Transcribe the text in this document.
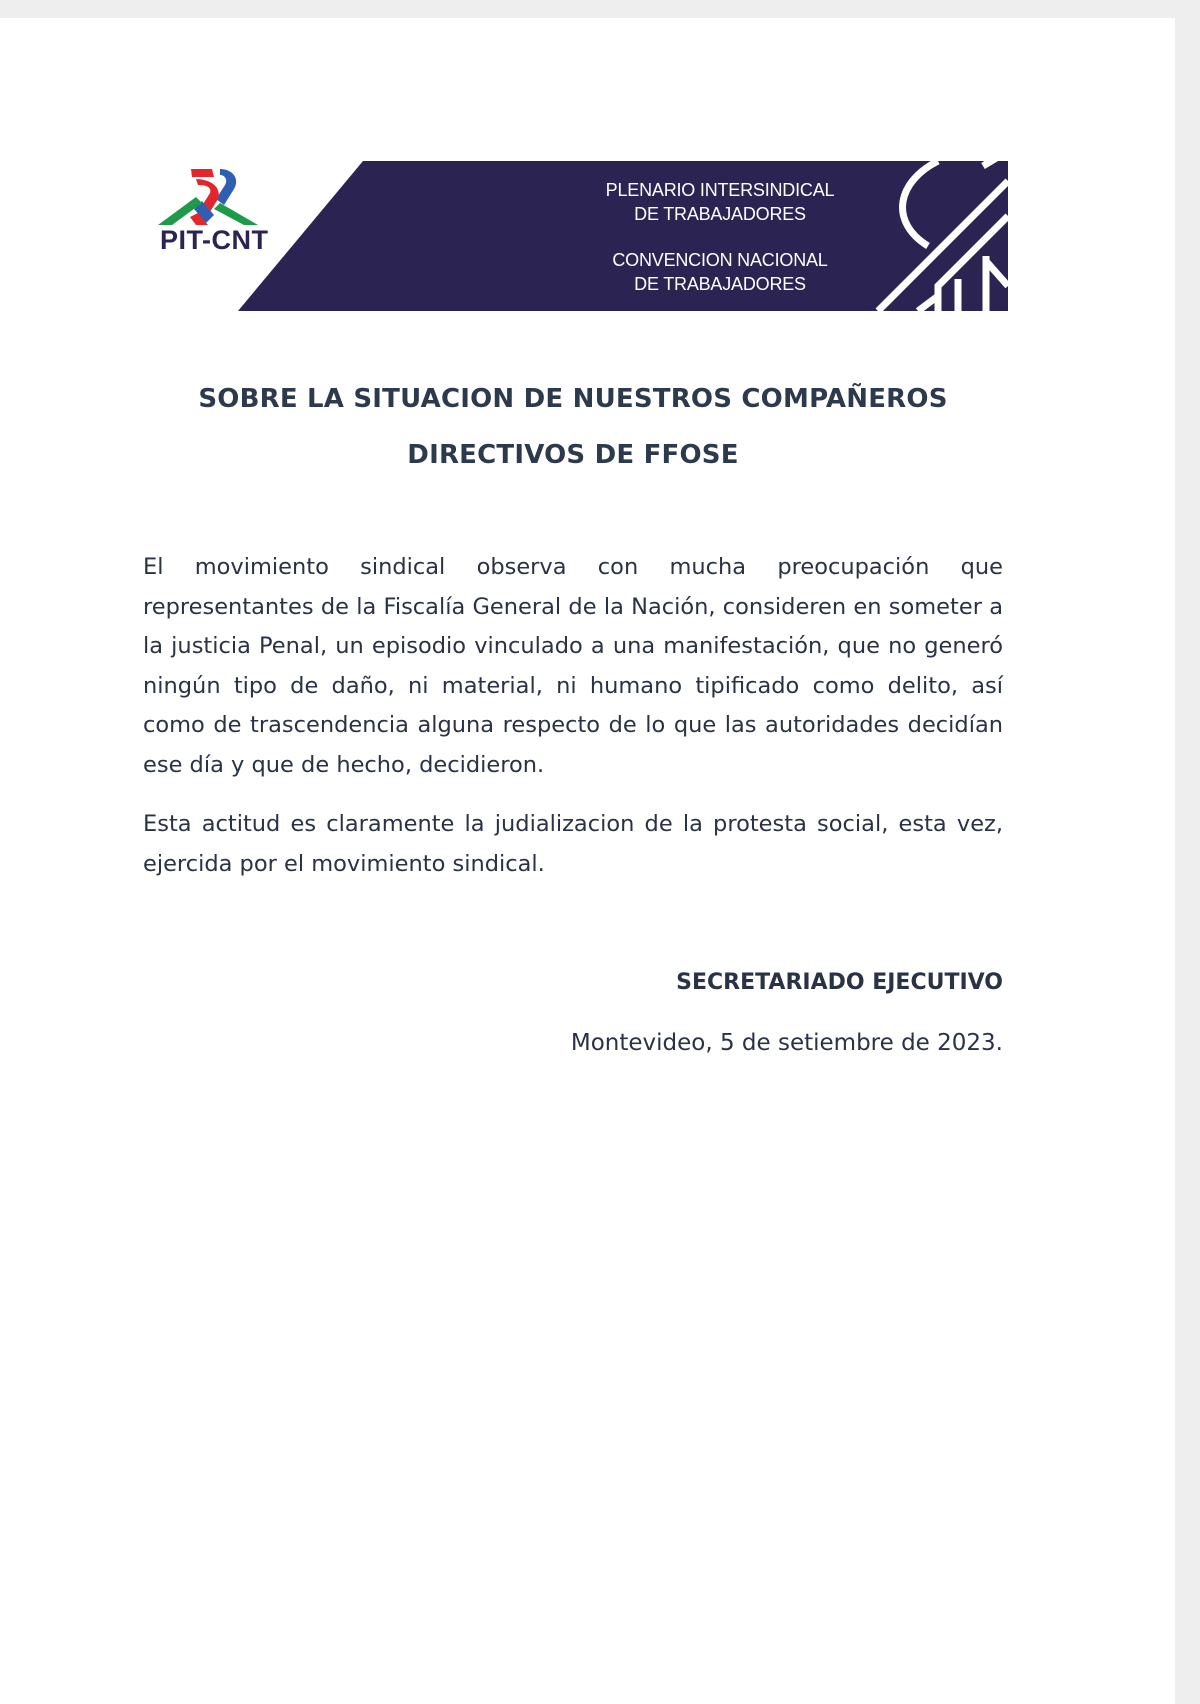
PIT-CNT
PLENARIO INTERSINDICAL
DE TRABAJADORES
CONVENCION NACIONAL
DE TRABAJADORES
SOBRE LA SITUACION DE NUESTROS COMPAÑEROS
DIRECTIVOS DE FFOSE

El movimiento sindical observa con mucha preocupación que representantes de la Fiscalía General de la Nación, consideren en someter a la justicia Penal, un episodio vinculado a una manifestación, que no generó ningún tipo de daño, ni material, ni humano tipificado como delito, así como de trascendencia alguna respecto de lo que las autoridades decidían ese día y que de hecho, decidieron.

Esta actitud es claramente la judializacion de la protesta social, esta vez, ejercida por el movimiento sindical.

SECRETARIADO EJECUTIVO
Montevideo, 5 de setiembre de 2023.
